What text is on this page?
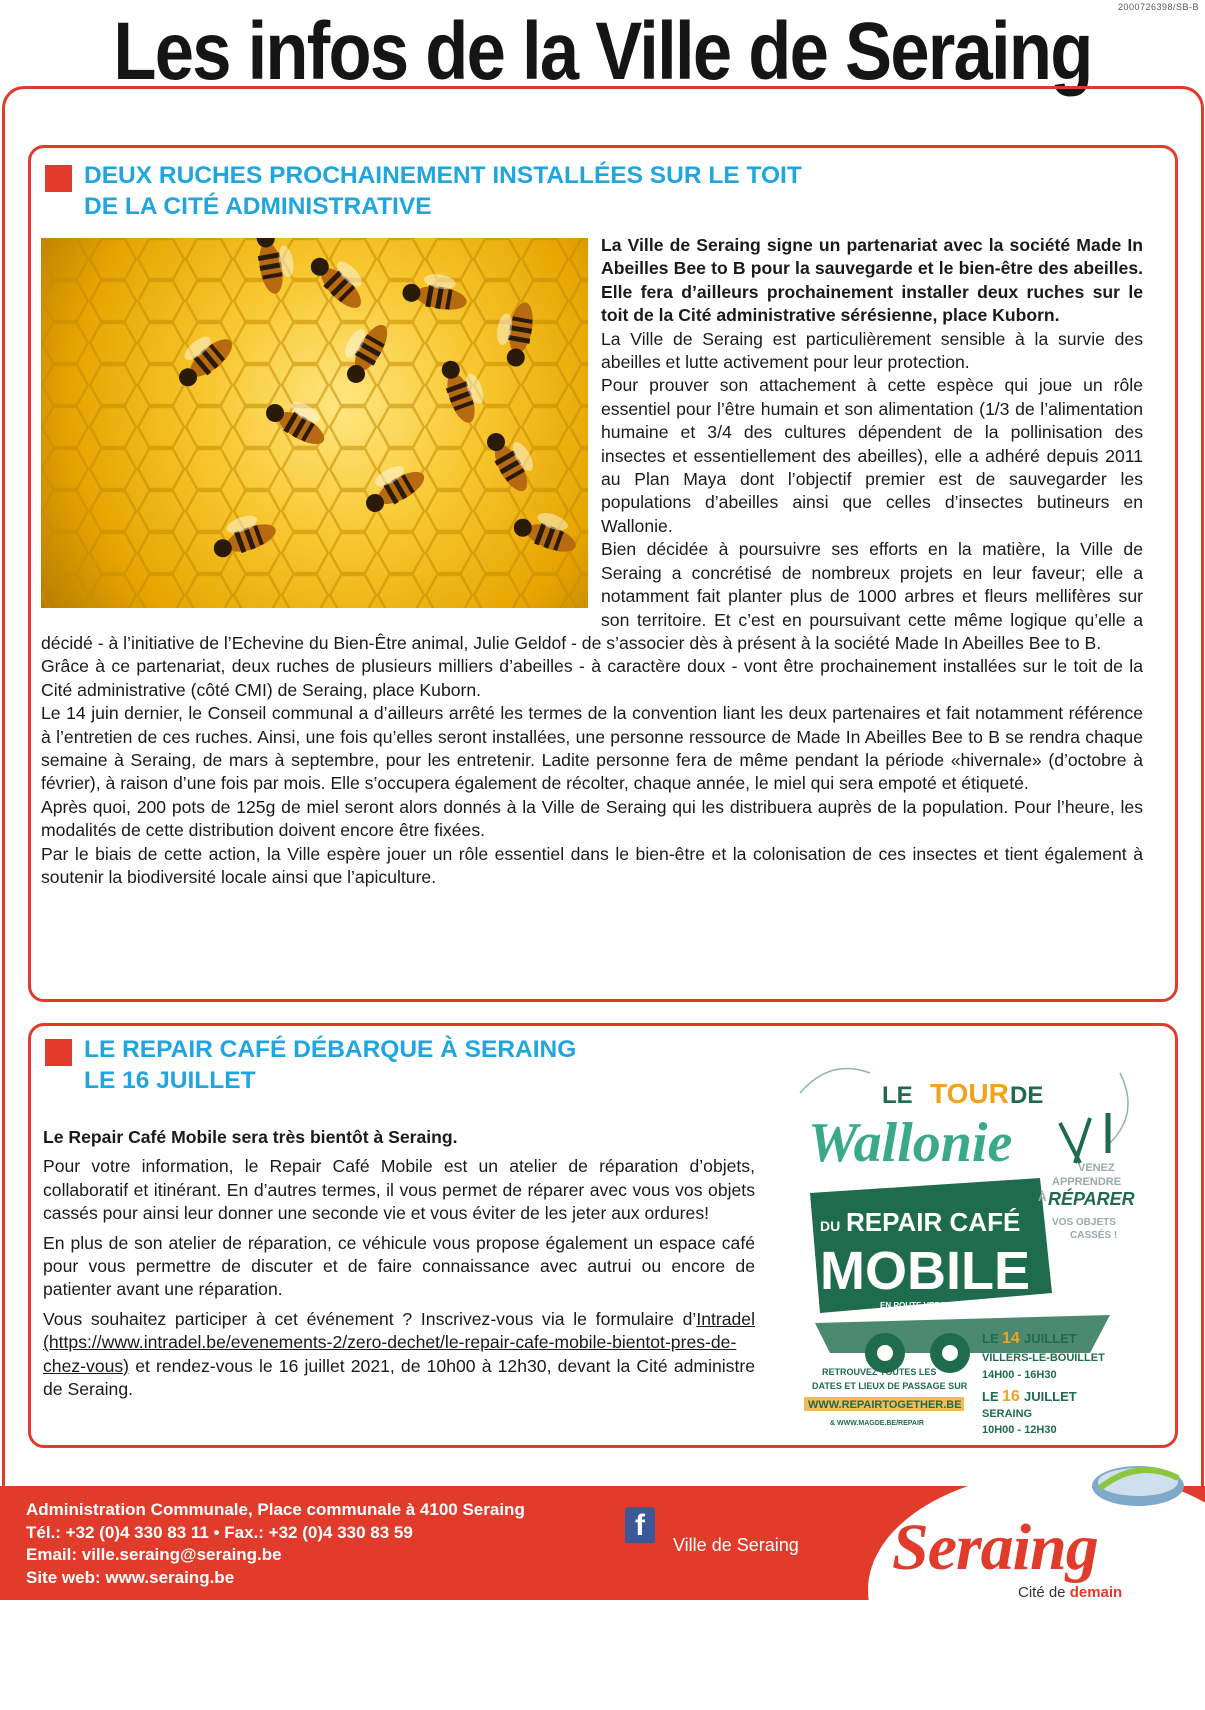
2000726398/SB-B
Les infos de la Ville de Seraing
DEUX RUCHES PROCHAINEMENT INSTALLÉES SUR LE TOIT
DE LA CITÉ ADMINISTRATIVE

La Ville de Seraing signe un partenariat avec la société Made In Abeilles Bee to B pour la sauvegarde et le bien-être des abeilles. Elle fera d’ailleurs prochainement installer deux ruches sur le toit de la Cité administrative sérésienne, place Kuborn.

La Ville de Seraing est particulièrement sensible à la survie des abeilles et lutte activement pour leur protection.

Pour prouver son attachement à cette espèce qui joue un rôle essentiel pour l’être humain et son alimentation (1/3 de l’alimentation humaine et 3/4 des cultures dépendent de la pollinisation des insectes et essentiellement des abeilles), elle a adhéré depuis 2011 au Plan Maya dont l’objectif premier est de sauvegarder les populations d’abeilles ainsi que celles d’insectes butineurs en Wallonie.

Bien décidée à poursuivre ses efforts en la matière, la Ville de Seraing a concrétisé de nombreux projets en leur faveur; elle a notamment fait planter plus de 1000 arbres et fleurs mellifères sur son territoire. Et c’est en poursuivant cette même logique qu’elle a décidé - à l’initiative de l’Echevine du Bien-Être animal, Julie Geldof - de s’associer dès à présent à la société Made In Abeilles Bee to B.

Grâce à ce partenariat, deux ruches de plusieurs milliers d’abeilles - à caractère doux - vont être prochainement installées sur le toit de la Cité administrative (côté CMI) de Seraing, place Kuborn.

Le 14 juin dernier, le Conseil communal a d’ailleurs arrêté les termes de la convention liant les deux partenaires et fait notamment référence à l’entretien de ces ruches. Ainsi, une fois qu’elles seront installées, une personne ressource de Made In Abeilles Bee to B se rendra chaque semaine à Seraing, de mars à septembre, pour les entretenir. Ladite personne fera de même pendant la période «hivernale» (d’octobre à février), à raison d’une fois par mois. Elle s’occupera également de récolter, chaque année, le miel qui sera empoté et étiqueté.

Après quoi, 200 pots de 125g de miel seront alors donnés à la Ville de Seraing qui les distribuera auprès de la population. Pour l’heure, les modalités de cette distribution doivent encore être fixées.

Par le biais de cette action, la Ville espère jouer un rôle essentiel dans le bien-être et la colonisation de ces insectes et tient également à soutenir la biodiversité locale ainsi que l’apiculture.

LE REPAIR CAFÉ DÉBARQUE À SERAING
LE 16 JUILLET

Le Repair Café Mobile sera très bientôt à Seraing.

Pour votre information, le Repair Café Mobile est un atelier de réparation d’objets, collaboratif et itinérant. En d’autres termes, il vous permet de réparer avec vous vos objets cassés pour ainsi leur donner une seconde vie et vous éviter de les jeter aux ordures!

En plus de son atelier de réparation, ce véhicule vous propose également un espace café pour vous permettre de discuter et de faire connaissance avec autrui ou encore de patienter avant une réparation.

Vous souhaitez participer à cet événement ? Inscrivez-vous via le formulaire d’Intradel (https://www.intradel.be/evenements-2/zero-dechet/le-repair-cafe-mobile-bientot-pres-de-chez-vous) et rendez-vous le 16 juillet 2021, de 10h00 à 12h30, devant la Cité administre de Seraing.

LE TOUR DE
Wallonie	VENEZ
APPRENDRE
À RÉPARER
VOS OBJETS
CASSÉS !
DU REPAIR CAFÉ
MOBILE
EN ROUTE VERS LE #ZÉRODÉCHET !
LE 14 JUILLET
VILLERS-LE-BOUILLET
14H00 - 16H30
LE 16 JUILLET
SERAING
10H00 - 12H30
RETROUVEZ TOUTES LES
DATES ET LIEUX DE PASSAGE SUR
WWW.REPAIRTOGETHER.BE
& WWW.MAGDE.BE/REPAIR
Administration Communale, Place communale à 4100 Seraing
Tél.: +32 (0)4 330 83 11 • Fax.: +32 (0)4 330 83 59
Email: ville.seraing@seraing.be
Site web: www.seraing.be
f
Ville de Seraing Seraing
Cité de demain
